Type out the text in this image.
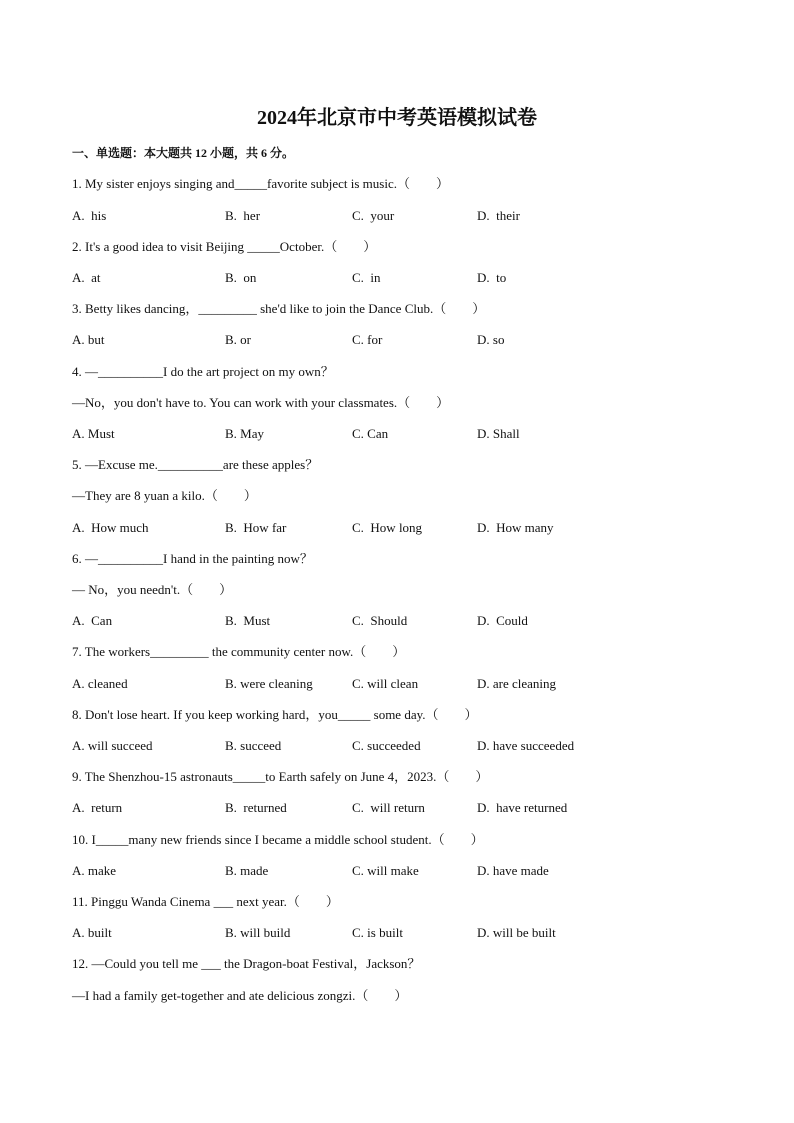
2024年北京市中考英语模拟试卷
一、单选题：本大题共 12 小题，共 6 分。
1. My sister enjoys singing and_____favorite subject is music.（　　）
A.  his	B.  her	C.  your	D.  their
2. It's a good idea to visit Beijing _____October.（　　）
A.  at	B.  on	C.  in	D.  to
3. Betty likes dancing，_________ she'd like to join the Dance Club.（　　）
A. but	B. or	C. for	D. so
4. —__________I do the art project on my own？
—No，you don't have to. You can work with your classmates.（　　）
A. Must	B. May	C. Can	D. Shall
5. —Excuse me.__________are these apples？
—They are 8 yuan a kilo.（　　）
A.  How much	B.  How far	C.  How long	D.  How many
6. —__________I hand in the painting now？
— No，you needn't.（　　）
A.  Can	B.  Must	C.  Should	D.  Could
7. The workers_________ the community center now.（　　）
A. cleaned	B. were cleaning	C. will clean	D. are cleaning
8. Don't lose heart. If you keep working hard，you_____ some day.（　　）
A. will succeed	B. succeed	C. succeeded	D. have succeeded
9. The Shenzhou-15 astronauts_____to Earth safely on June 4，2023.（　　）
A.  return	B.  returned	C.  will return	D.  have returned
10. I_____many new friends since I became a middle school student.（　　）
A. make	B. made	C. will make	D. have made
11. Pinggu Wanda Cinema ___ next year.（　　）
A. built	B. will build	C. is built	D. will be built
12. —Could you tell me ___ the Dragon-boat Festival，Jackson？
—I had a family get-together and ate delicious zongzi.（　　）
